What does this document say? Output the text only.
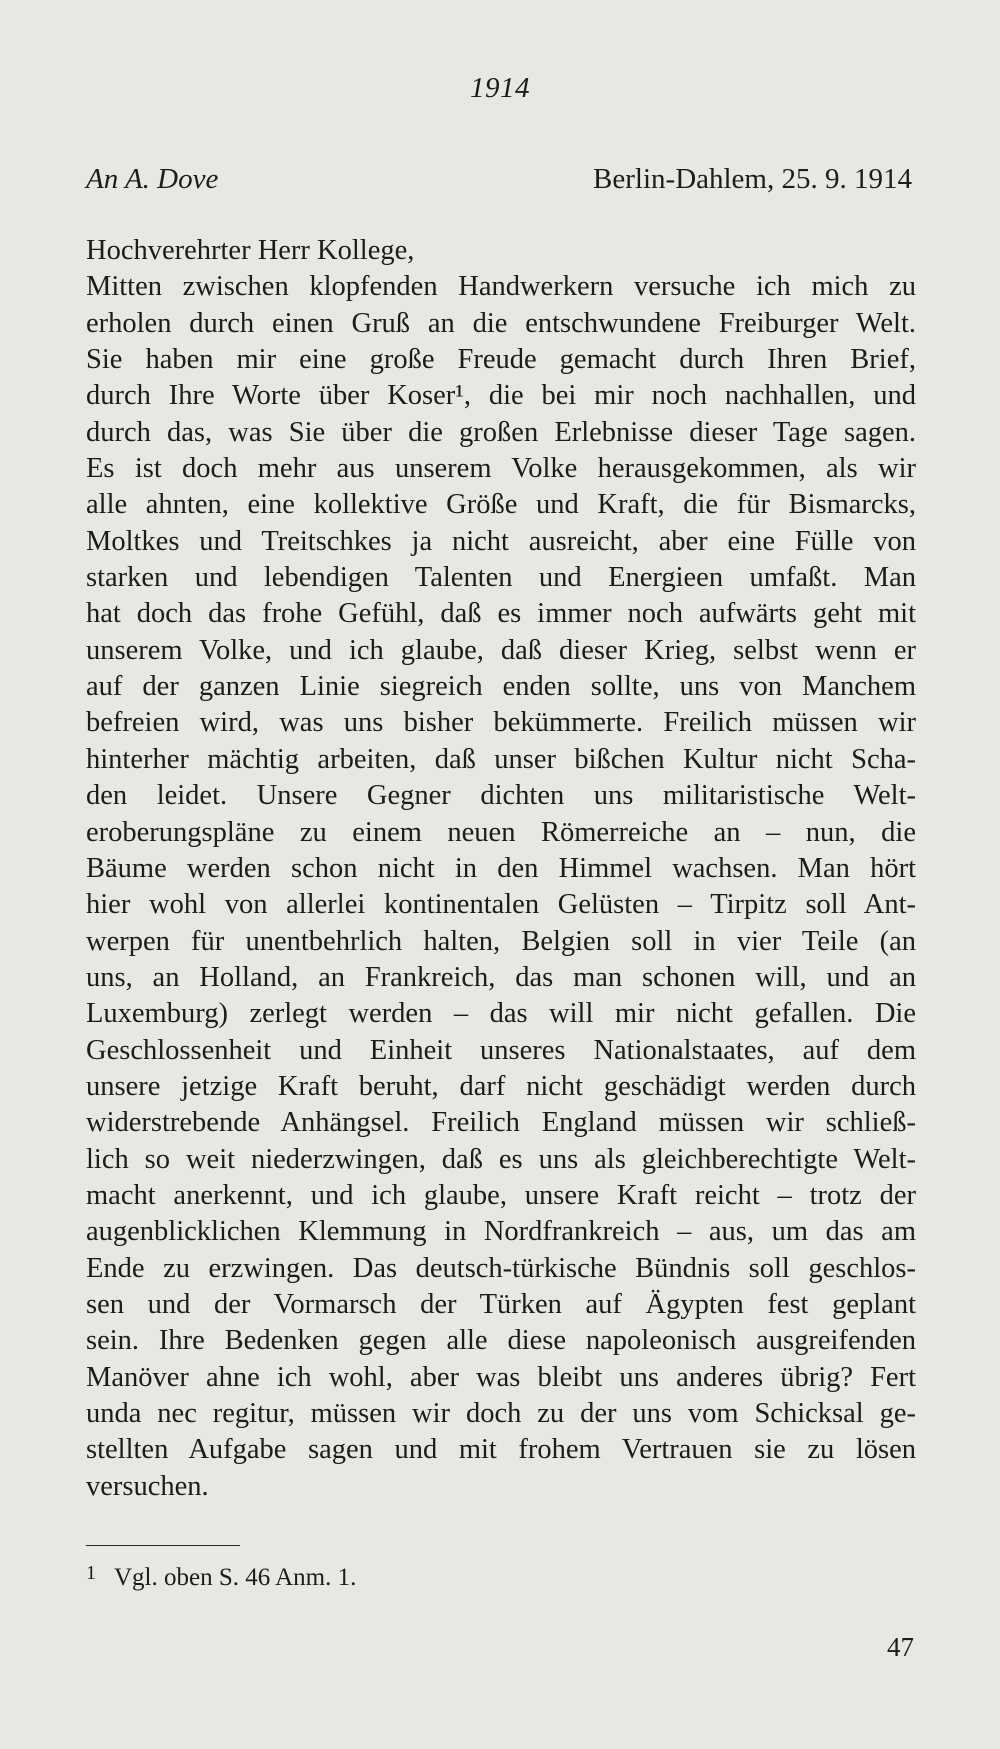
1914
An A. Dove	Berlin-Dahlem, 25. 9. 1914
Hochverehrter Herr Kollege,
Mitten zwischen klopfenden Handwerkern versuche ich mich zu
erholen durch einen Gruß an die entschwundene Freiburger Welt.
Sie haben mir eine große Freude gemacht durch Ihren Brief,
durch Ihre Worte über Koser¹, die bei mir noch nachhallen, und
durch das, was Sie über die großen Erlebnisse dieser Tage sagen.
Es ist doch mehr aus unserem Volke herausgekommen, als wir
alle ahnten, eine kollektive Größe und Kraft, die für Bismarcks,
Moltkes und Treitschkes ja nicht ausreicht, aber eine Fülle von
starken und lebendigen Talenten und Energieen umfaßt. Man
hat doch das frohe Gefühl, daß es immer noch aufwärts geht mit
unserem Volke, und ich glaube, daß dieser Krieg, selbst wenn er
auf der ganzen Linie siegreich enden sollte, uns von Manchem
befreien wird, was uns bisher bekümmerte. Freilich müssen wir
hinterher mächtig arbeiten, daß unser bißchen Kultur nicht Scha-
den leidet. Unsere Gegner dichten uns militaristische Welt-
eroberungspläne zu einem neuen Römerreiche an – nun, die
Bäume werden schon nicht in den Himmel wachsen. Man hört
hier wohl von allerlei kontinentalen Gelüsten – Tirpitz soll Ant-
werpen für unentbehrlich halten, Belgien soll in vier Teile (an
uns, an Holland, an Frankreich, das man schonen will, und an
Luxemburg) zerlegt werden – das will mir nicht gefallen. Die
Geschlossenheit und Einheit unseres Nationalstaates, auf dem
unsere jetzige Kraft beruht, darf nicht geschädigt werden durch
widerstrebende Anhängsel. Freilich England müssen wir schließ-
lich so weit niederzwingen, daß es uns als gleichberechtigte Welt-
macht anerkennt, und ich glaube, unsere Kraft reicht – trotz der
augenblicklichen Klemmung in Nordfrankreich – aus, um das am
Ende zu erzwingen. Das deutsch-türkische Bündnis soll geschlos-
sen und der Vormarsch der Türken auf Ägypten fest geplant
sein. Ihre Bedenken gegen alle diese napoleonisch ausgreifenden
Manöver ahne ich wohl, aber was bleibt uns anderes übrig? Fert
unda nec regitur, müssen wir doch zu der uns vom Schicksal ge-
stellten Aufgabe sagen und mit frohem Vertrauen sie zu lösen
versuchen.
1 Vgl. oben S. 46 Anm. 1.
47
